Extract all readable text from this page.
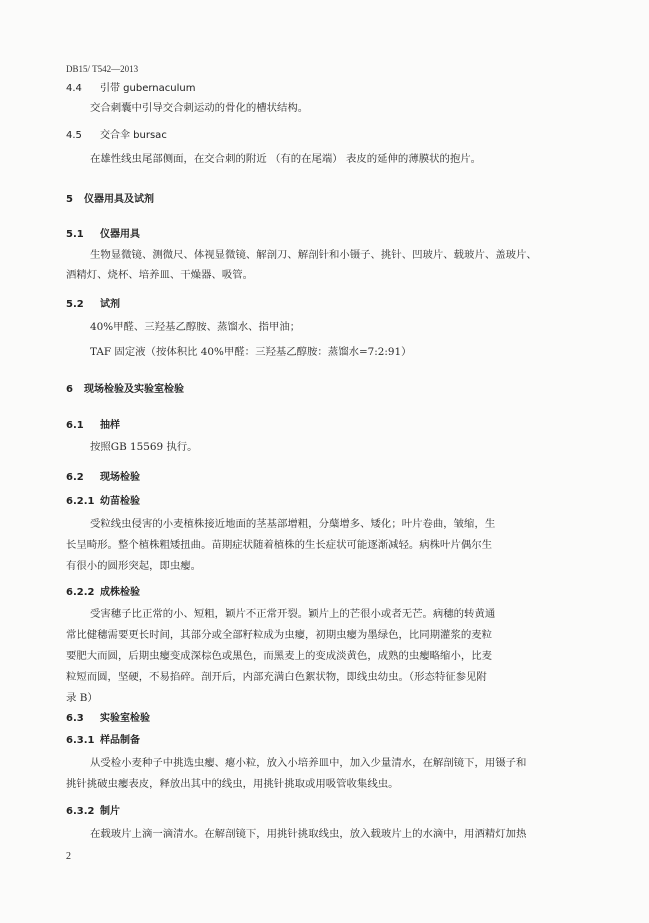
DB15/ T542—2013
4.4 引带 gubernaculum
交合刺囊中引导交合刺运动的骨化的槽状结构。
4.5 交合伞 bursac
在雄性线虫尾部侧面，在交合刺的附近 （有的在尾端） 表皮的延伸的薄膜状的抱片。
5 仪器用具及试剂
5.1 仪器用具
生物显微镜、测微尺、体视显微镜、解剖刀、解剖针和小镊子、挑针、凹玻片、载玻片、盖玻片、
酒精灯、烧杯、培养皿、干燥器、吸管。
5.2 试剂
40%甲醛、三羟基乙醇胺、蒸馏水、指甲油；
TAF 固定液（按体积比 40%甲醛：三羟基乙醇胺：蒸馏水=7:2:91）
6 现场检验及实验室检验
6.1 抽样
按照GB 15569 执行。
6.2 现场检验
6.2.1 幼苗检验
受粒线虫侵害的小麦植株接近地面的茎基部增粗，分蘖增多、矮化；叶片卷曲，皱缩，生
长呈畸形。整个植株粗矮扭曲。苗期症状随着植株的生长症状可能逐渐减轻。病株叶片偶尔生
有很小的圆形突起，即虫瘿。
6.2.2 成株检验
受害穗子比正常的小、短粗，颖片不正常开裂。颖片上的芒很小或者无芒。病穗的转黄通
常比健穗需要更长时间，其部分或全部籽粒成为虫瘿，初期虫瘿为墨绿色，比同期灌浆的麦粒
要肥大而圆，后期虫瘿变成深棕色或黑色，而黑麦上的变成淡黄色，成熟的虫瘿略缩小，比麦
粒短而圆，坚硬，不易掐碎。剖开后，内部充满白色絮状物，即线虫幼虫。（形态特征参见附
录 B）
6.3 实验室检验
6.3.1 样品制备
从受检小麦种子中挑选虫瘿、瘪小粒，放入小培养皿中，加入少量清水，在解剖镜下，用镊子和
挑针挑破虫瘿表皮，释放出其中的线虫，用挑针挑取或用吸管收集线虫。
6.3.2 制片
在载玻片上滴一滴清水。在解剖镜下，用挑针挑取线虫，放入载玻片上的水滴中，用酒精灯加热
2
